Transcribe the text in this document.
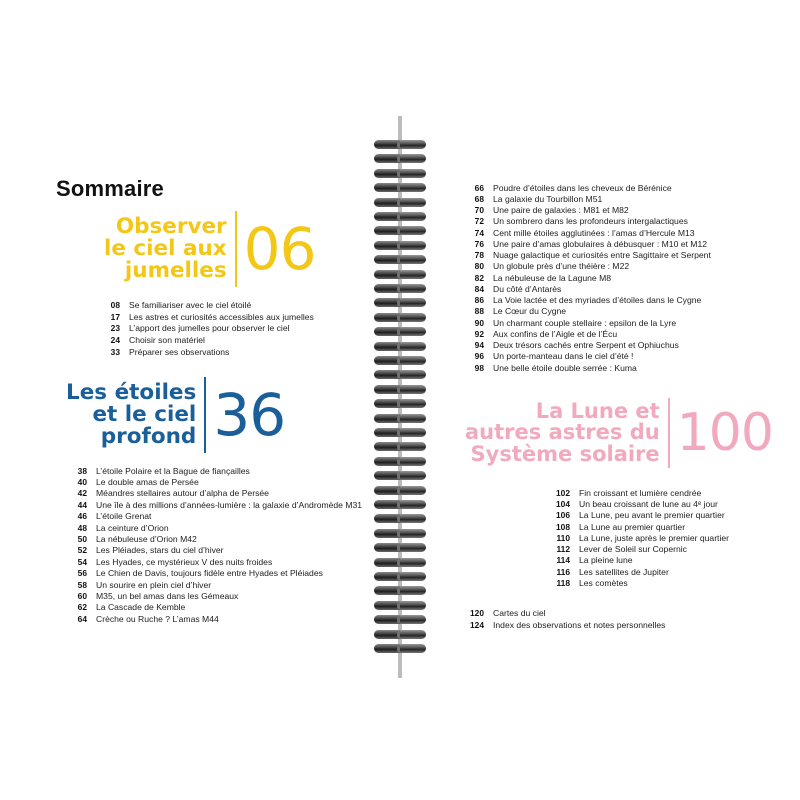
Sommaire
Observer
le ciel aux
jumelles 06
08	Se familiariser avec le ciel étoilé
17	Les astres et curiosités accessibles aux jumelles
23	L’apport des jumelles pour observer le ciel
24	Choisir son matériel
33	Préparer ses observations
Les étoiles
et le ciel
profond 36
38	L’étoile Polaire et la Bague de fiançailles
40	Le double amas de Persée
42	Méandres stellaires autour d’alpha de Persée
44	Une île à des millions d’années-lumière : la galaxie d’Andromède M31
46	L’étoile Grenat
48	La ceinture d’Orion
50	La nébuleuse d’Orion M42
52	Les Pléiades, stars du ciel d’hiver
54	Les Hyades, ce mystérieux V des nuits froides
56	Le Chien de Davis, toujours fidèle entre Hyades et Pléiades
58	Un sourire en plein ciel d’hiver
60	M35, un bel amas dans les Gémeaux
62	La Cascade de Kemble
64	Crèche ou Ruche ? L’amas M44
66	Poudre d’étoiles dans les cheveux de Bérénice
68	La galaxie du Tourbillon M51
70	Une paire de galaxies : M81 et M82
72	Un sombrero dans les profondeurs intergalactiques
74	Cent mille étoiles agglutinées : l’amas d’Hercule M13
76	Une paire d’amas globulaires à débusquer : M10 et M12
78	Nuage galactique et curiosités entre Sagittaire et Serpent
80	Un globule près d’une théière : M22
82	La nébuleuse de la Lagune M8
84	Du côté d’Antarès
86	La Voie lactée et des myriades d’étoiles dans le Cygne
88	Le Cœur du Cygne
90	Un charmant couple stellaire : epsilon de la Lyre
92	Aux confins de l’Aigle et de l’Écu
94	Deux trésors cachés entre Serpent et Ophiuchus
96	Un porte-manteau dans le ciel d’été !
98	Une belle étoile double serrée : Kuma
La Lune et
autres astres du
Système solaire 100
102	Fin croissant et lumière cendrée
104	Un beau croissant de lune au 4ᵉ jour
106	La Lune, peu avant le premier quartier
108	La Lune au premier quartier
110	La Lune, juste après le premier quartier
112	Lever de Soleil sur Copernic
114	La pleine lune
116	Les satellites de Jupiter
118	Les comètes
120	Cartes du ciel
124	Index des observations et notes personnelles
